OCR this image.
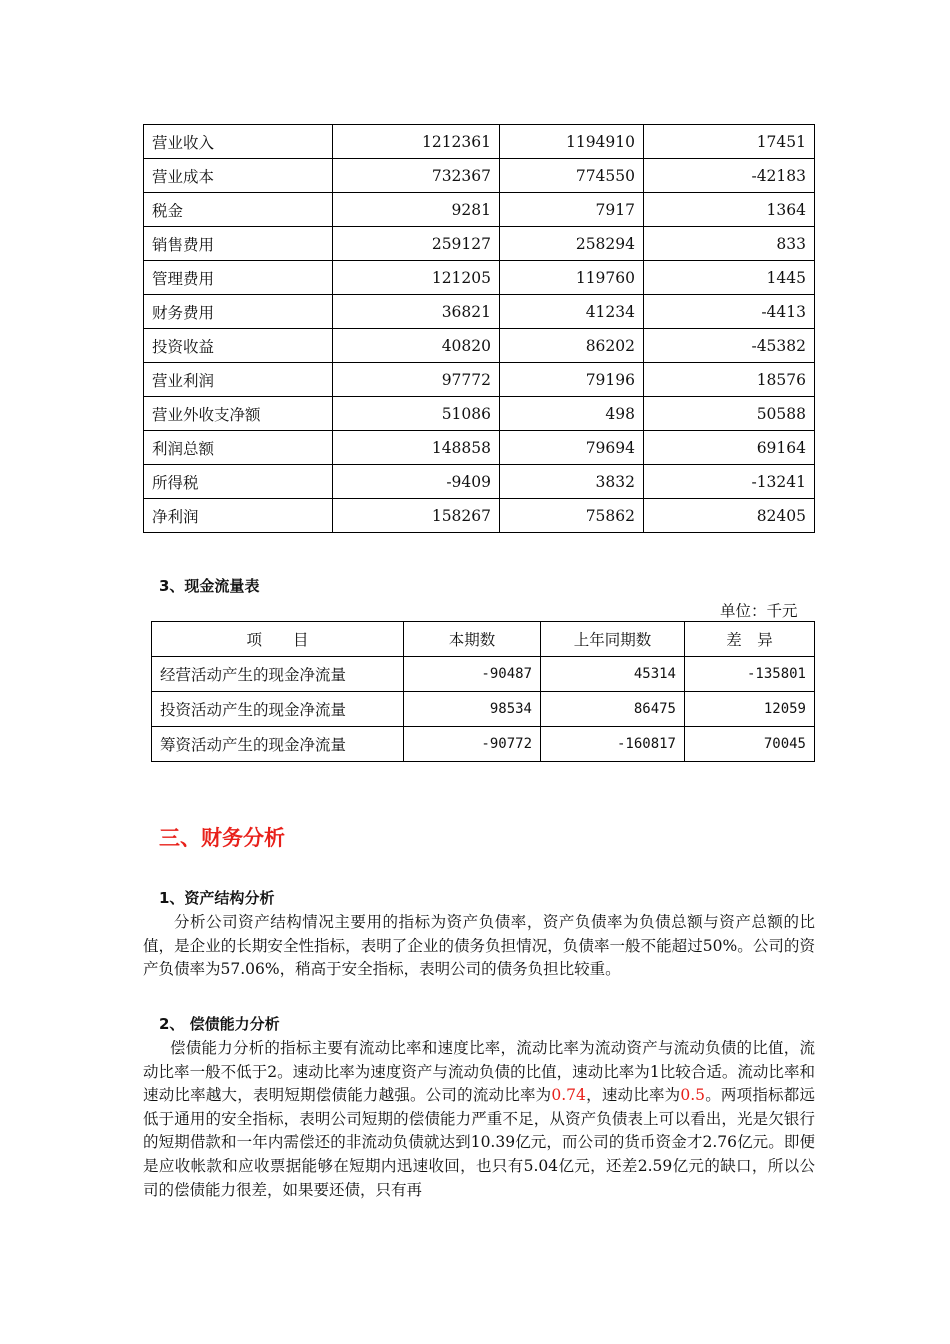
营业收入	1212361	1194910	17451
营业成本	732367	774550	-42183
税金	9281	7917	1364
销售费用	259127	258294	833
管理费用	121205	119760	1445
财务费用	36821	41234	-4413
投资收益	40820	86202	-45382
营业利润	97772	79196	18576
营业外收支净额	51086	498	50588
利润总额	148858	79694	69164
所得税	-9409	3832	-13241
净利润	158267	75862	82405
3、现金流量表
单位：千元
项　　目	本期数	上年同期数	差　异
经营活动产生的现金净流量	-90487	45314	-135801
投资活动产生的现金净流量	98534	86475	12059
筹资活动产生的现金净流量	-90772	-160817	70045
三、财务分析
1、资产结构分析

分析公司资产结构情况主要用的指标为资产负债率，资产负债率为负债总额与资产总额的比值，是企业的长期安全性指标，表明了企业的债务负担情况，负债率一般不能超过50%。公司的资产负债率为57.06%，稍高于安全指标，表明公司的债务负担比较重。

2、 偿债能力分析

偿债能力分析的指标主要有流动比率和速度比率，流动比率为流动资产与流动负债的比值，流动比率一般不低于2。速动比率为速度资产与流动负债的比值，速动比率为1比较合适。流动比率和速动比率越大，表明短期偿债能力越强。公司的流动比率为0.74，速动比率为0.5。两项指标都远低于通用的安全指标，表明公司短期的偿债能力严重不足，从资产负债表上可以看出，光是欠银行的短期借款和一年内需偿还的非流动负债就达到10.39亿元，而公司的货币资金才2.76亿元。即便是应收帐款和应收票据能够在短期内迅速收回，也只有5.04亿元，还差2.59亿元的缺口，所以公司的偿债能力很差，如果要还债，只有再
